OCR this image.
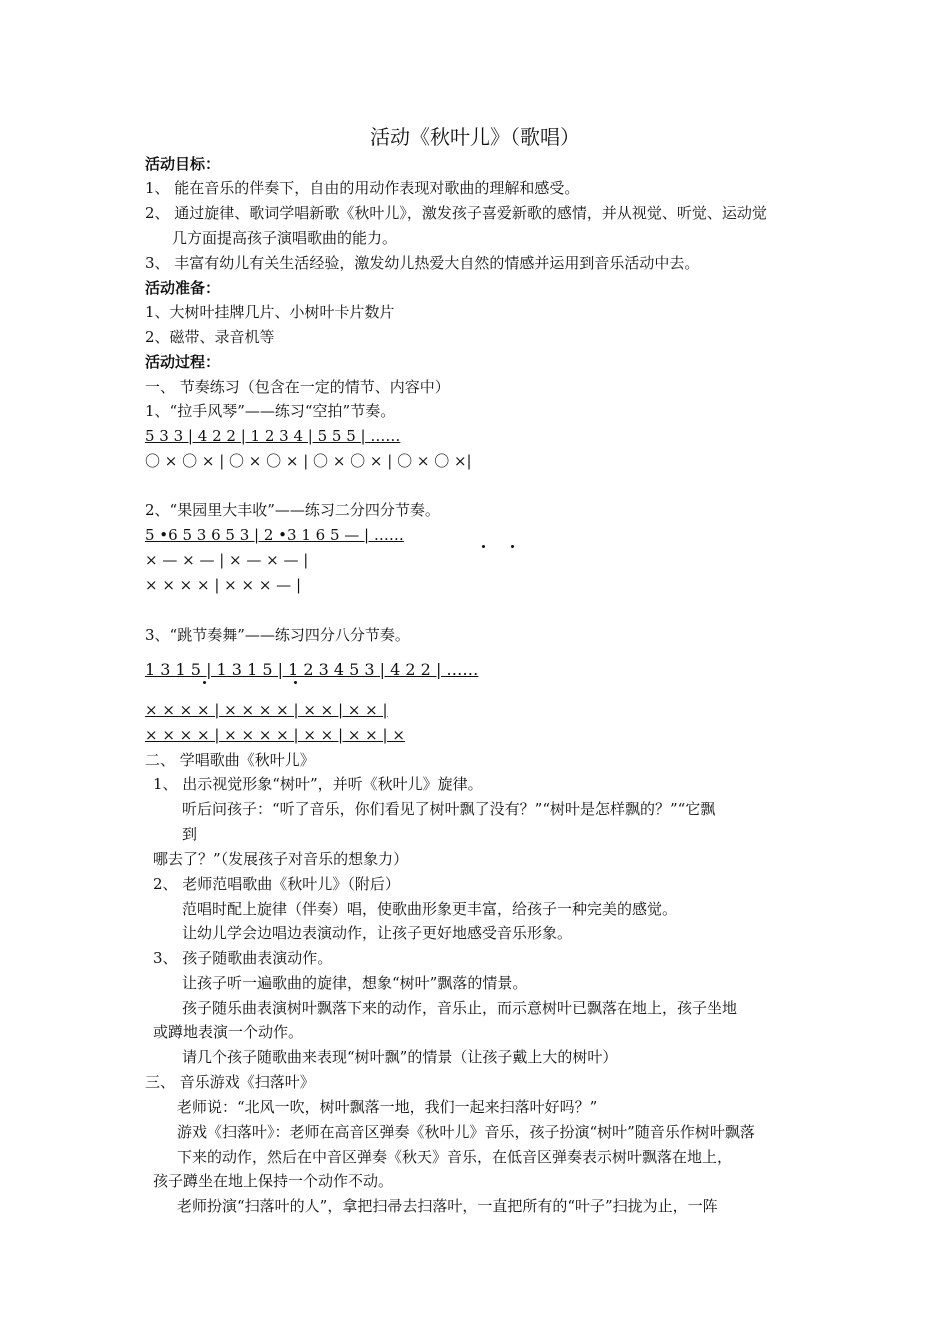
活动《秋叶儿》（歌唱）
活动目标：
1、 能在音乐的伴奏下，自由的用动作表现对歌曲的理解和感受。
2、 通过旋律、歌词学唱新歌《秋叶儿》，激发孩子喜爱新歌的感情，并从视觉、听觉、运动觉
几方面提高孩子演唱歌曲的能力。
3、 丰富有幼儿有关生活经验，激发幼儿热爱大自然的情感并运用到音乐活动中去。
活动准备：
1、大树叶挂牌几片、小树叶卡片数片
2、磁带、录音机等
活动过程：
一、 节奏练习（包含在一定的情节、内容中）
1、“拉手风琴”——练习“空拍”节奏。
5 3 3 | 4 2 2 | 1 2 3 4 | 5 5 5 | ……
〇 × 〇 × | 〇 × 〇 × | 〇 × 〇 × | 〇 × 〇 ×|
2、“果园里大丰收”——练习二分四分节奏。
5 •6 5 3 6 5 3 | 2 •3 1 6 5 — | ……
× — × — | × — × — |
× × × × | × × × — |
3、“跳节奏舞”——练习四分八分节奏。
1 3 1 5 | 1 3 1 5 | 1 2 3 4 5 3 | 4 2 2 | ……
× × × × | × × × × | × × | × × |
× × × × | × × × × | × × | × × | ×
二、 学唱歌曲《秋叶儿》
1、 出示视觉形象“树叶”，并听《秋叶儿》旋律。
听后问孩子：“听了音乐，你们看见了树叶飘了没有？”“树叶是怎样飘的？”“它飘
到
哪去了？”（发展孩子对音乐的想象力）
2、 老师范唱歌曲《秋叶儿》（附后）
范唱时配上旋律（伴奏）唱，使歌曲形象更丰富，给孩子一种完美的感觉。
让幼儿学会边唱边表演动作，让孩子更好地感受音乐形象。
3、 孩子随歌曲表演动作。
让孩子听一遍歌曲的旋律，想象“树叶”飘落的情景。
孩子随乐曲表演树叶飘落下来的动作，音乐止，而示意树叶已飘落在地上，孩子坐地
或蹲地表演一个动作。
请几个孩子随歌曲来表现“树叶飘”的情景（让孩子戴上大的树叶）
三、 音乐游戏《扫落叶》
老师说：“北风一吹，树叶飘落一地，我们一起来扫落叶好吗？”
游戏《扫落叶》：老师在高音区弹奏《秋叶儿》音乐，孩子扮演“树叶”随音乐作树叶飘落
下来的动作，然后在中音区弹奏《秋天》音乐，在低音区弹奏表示树叶飘落在地上，
孩子蹲坐在地上保持一个动作不动。
老师扮演“扫落叶的人”，拿把扫帚去扫落叶，一直把所有的“叶子”扫拢为止，一阵
